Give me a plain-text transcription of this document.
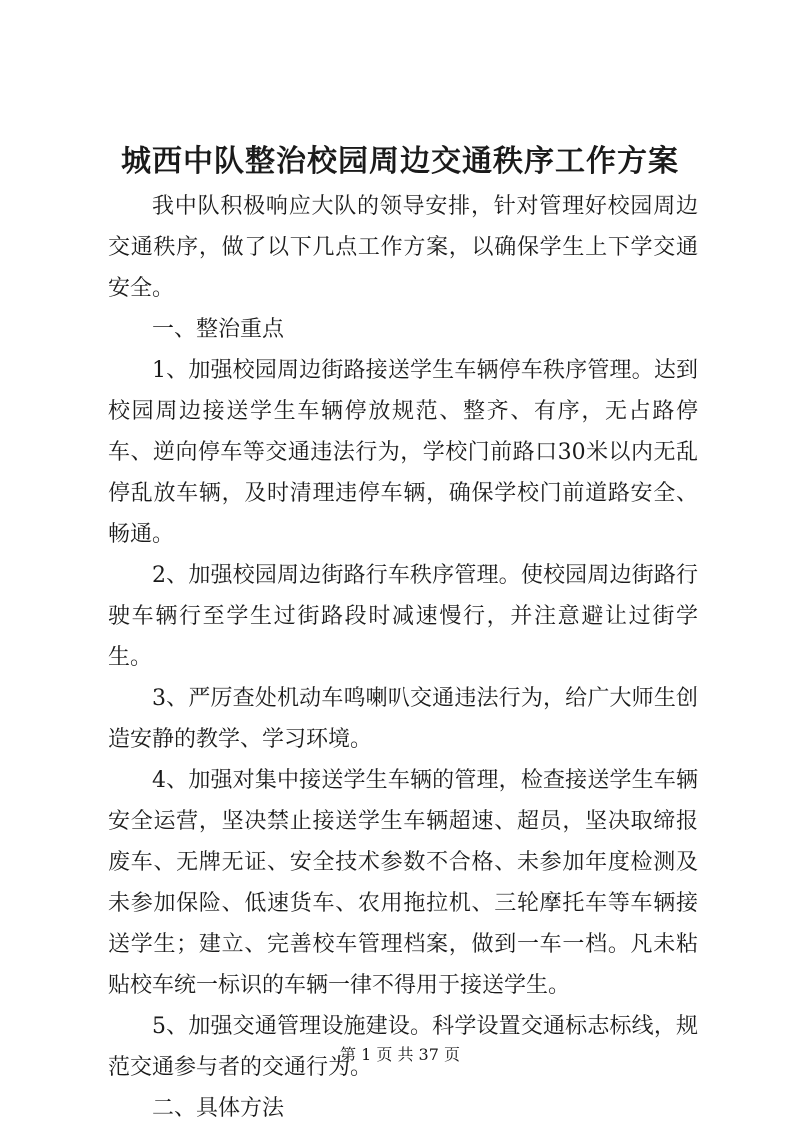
城西中队整治校园周边交通秩序工作方案

我中队积极响应大队的领导安排，针对管理好校园周边交通秩序，做了以下几点工作方案，以确保学生上下学交通安全。

一、整治重点

1、加强校园周边街路接送学生车辆停车秩序管理。达到校园周边接送学生车辆停放规范、整齐、有序，无占路停车、逆向停车等交通违法行为，学校门前路口30米以内无乱停乱放车辆，及时清理违停车辆，确保学校门前道路安全、畅通。

2、加强校园周边街路行车秩序管理。使校园周边街路行驶车辆行至学生过街路段时减速慢行，并注意避让过街学生。

3、严厉查处机动车鸣喇叭交通违法行为，给广大师生创造安静的教学、学习环境。

4、加强对集中接送学生车辆的管理，检查接送学生车辆安全运营，坚决禁止接送学生车辆超速、超员，坚决取缔报废车、无牌无证、安全技术参数不合格、未参加年度检测及未参加保险、低速货车、农用拖拉机、三轮摩托车等车辆接送学生；建立、完善校车管理档案，做到一车一档。凡未粘贴校车统一标识的车辆一律不得用于接送学生。

5、加强交通管理设施建设。科学设置交通标志标线，规范交通参与者的交通行为。

二、具体方法

第 1 页 共 37 页
